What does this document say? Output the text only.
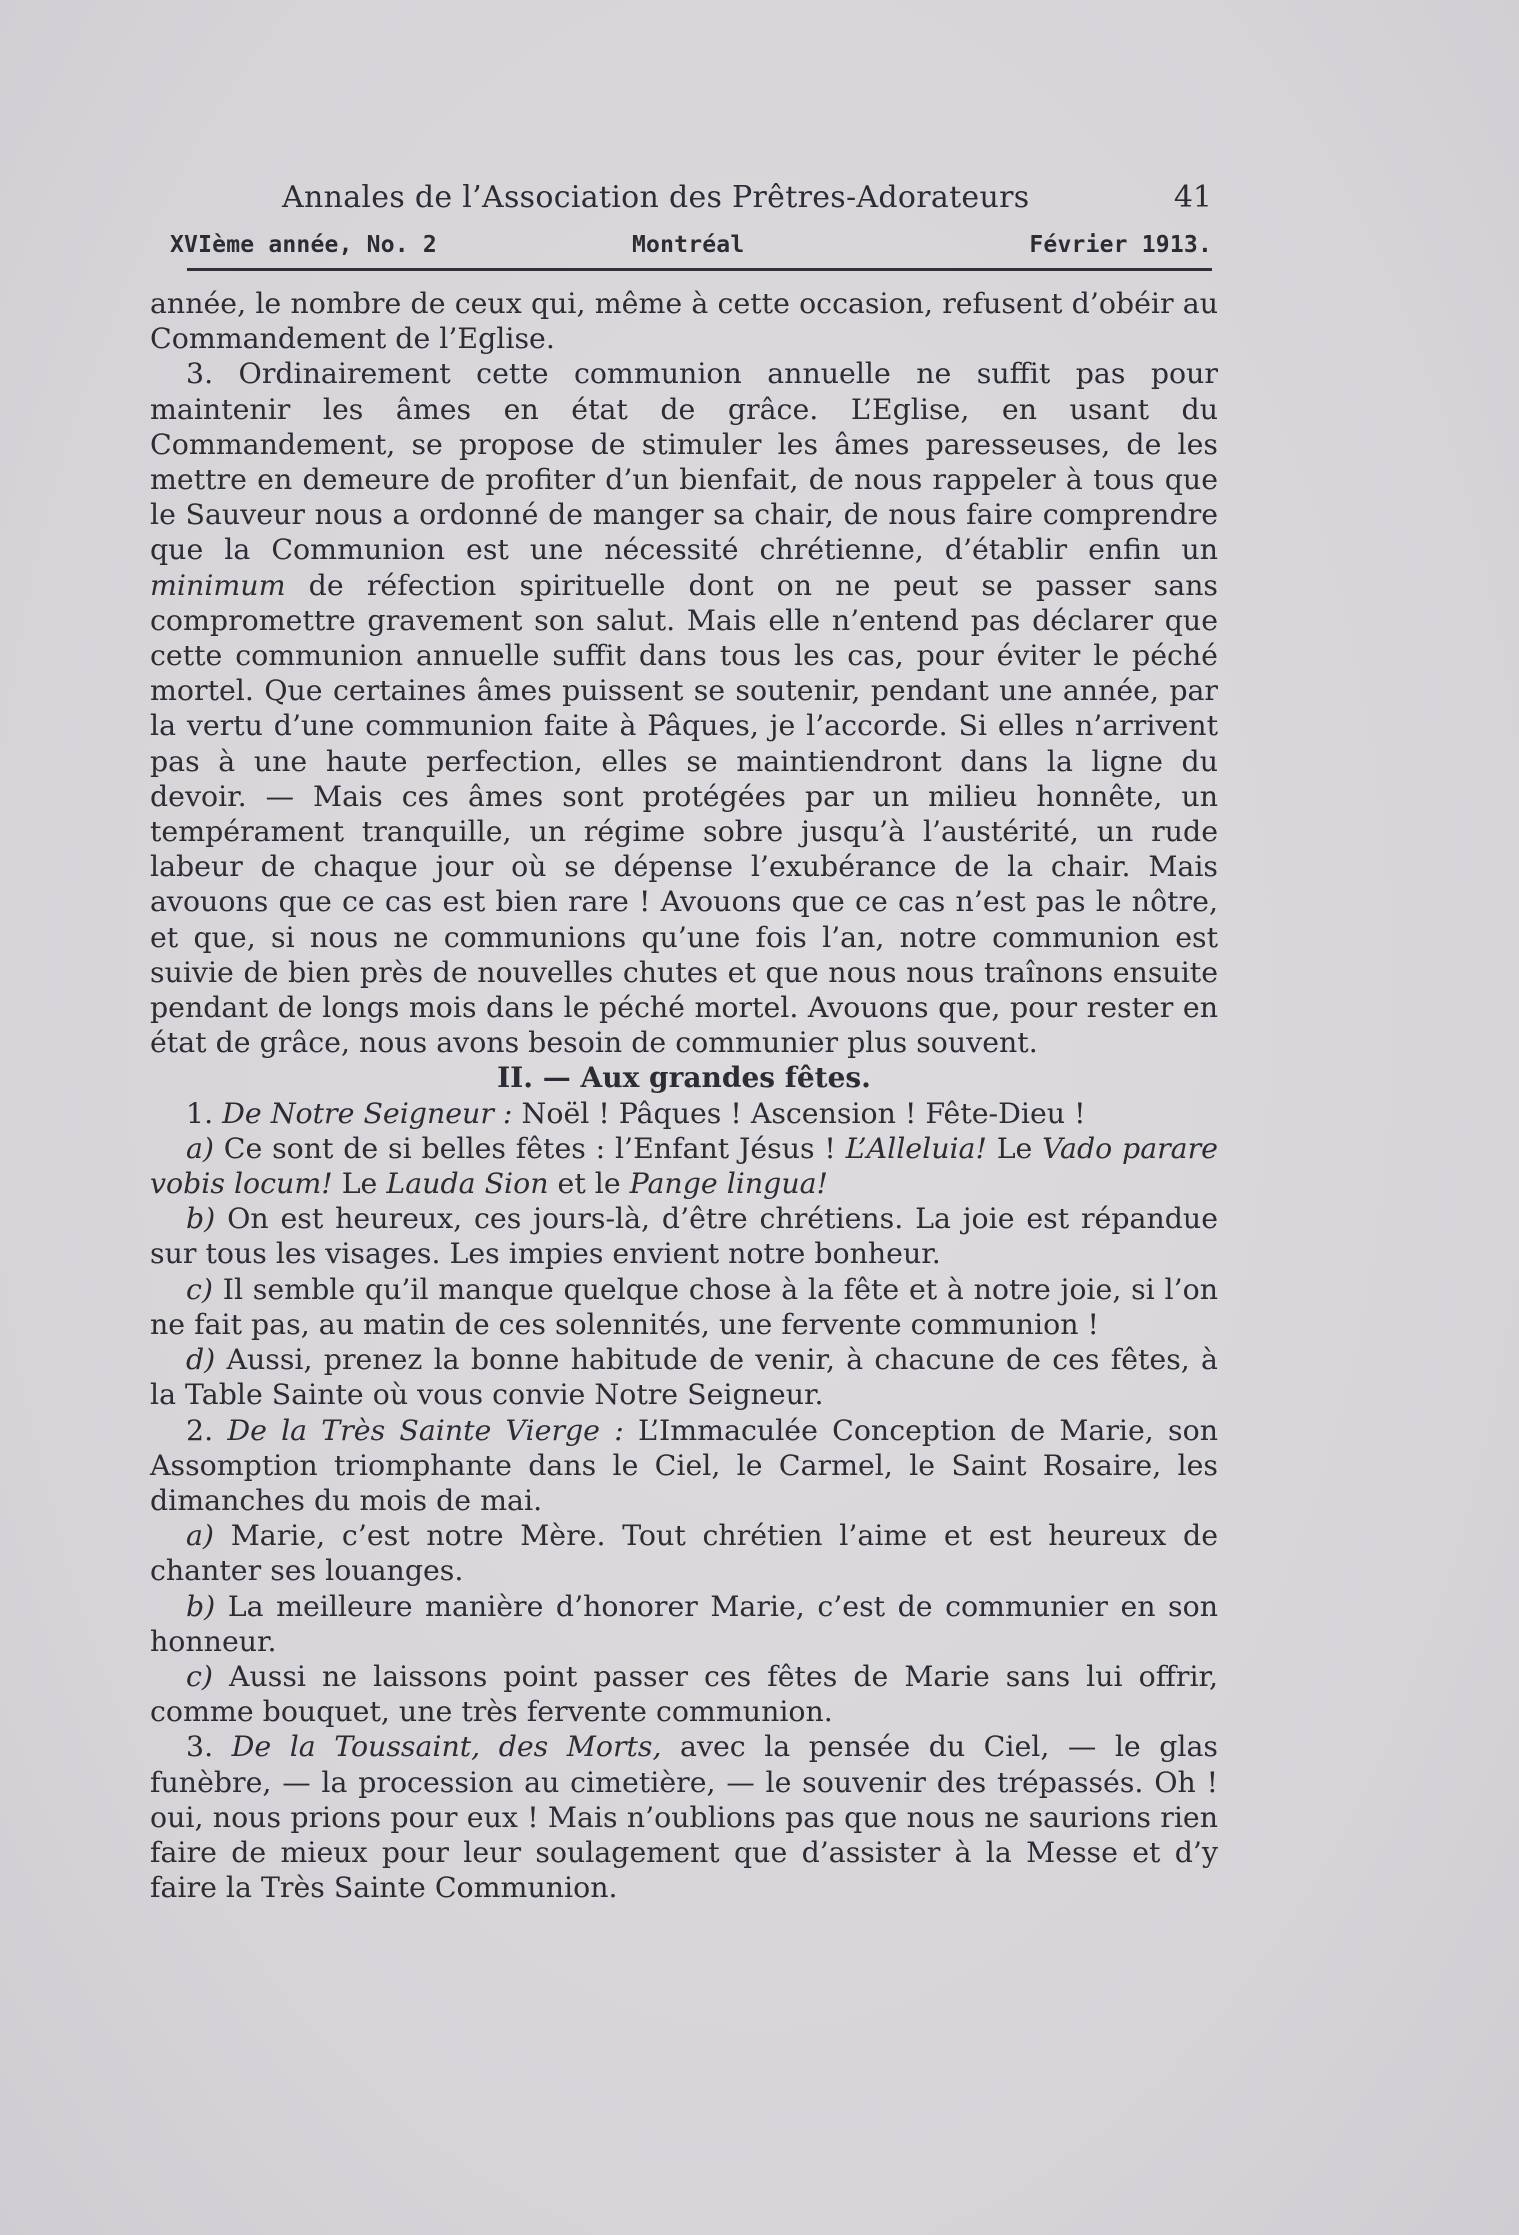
Annales de l’Association des Prêtres-Adorateurs	41
XVIème année, No. 2	Montréal	Février 1913.

année, le nombre de ceux qui, même à cette occasion, refusent d’obéir au Commandement de l’Eglise.

3. Ordinairement cette communion annuelle ne suffit pas pour maintenir les âmes en état de grâce. L’Eglise, en usant du Commandement, se propose de stimuler les âmes paresseuses, de les mettre en demeure de profiter d’un bienfait, de nous rappeler à tous que le Sauveur nous a ordonné de manger sa chair, de nous faire comprendre que la Communion est une nécessité chrétienne, d’établir enfin un minimum de réfection spirituelle dont on ne peut se passer sans compromettre gravement son salut. Mais elle n’entend pas déclarer que cette communion annuelle suffit dans tous les cas, pour éviter le péché mortel. Que certaines âmes puissent se soutenir, pendant une année, par la vertu d’une communion faite à Pâques, je l’accorde. Si elles n’arrivent pas à une haute perfection, elles se maintiendront dans la ligne du devoir. — Mais ces âmes sont protégées par un milieu honnête, un tempérament tranquille, un régime sobre jusqu’à l’austérité, un rude labeur de chaque jour où se dépense l’exubérance de la chair. Mais avouons que ce cas est bien rare ! Avouons que ce cas n’est pas le nôtre, et que, si nous ne communions qu’une fois l’an, notre communion est suivie de bien près de nouvelles chutes et que nous nous traînons ensuite pendant de longs mois dans le péché mortel. Avouons que, pour rester en état de grâce, nous avons besoin de communier plus souvent.

II. — Aux grandes fêtes.

1. De Notre Seigneur : Noël ! Pâques ! Ascension ! Fête-Dieu !

a) Ce sont de si belles fêtes : l’Enfant Jésus ! L’Alleluia! Le Vado parare vobis locum! Le Lauda Sion et le Pange lingua!

b) On est heureux, ces jours-là, d’être chrétiens. La joie est répandue sur tous les visages. Les impies envient notre bonheur.

c) Il semble qu’il manque quelque chose à la fête et à notre joie, si l’on ne fait pas, au matin de ces solennités, une fervente communion !

d) Aussi, prenez la bonne habitude de venir, à chacune de ces fêtes, à la Table Sainte où vous convie Notre Seigneur.

2. De la Très Sainte Vierge : L’Immaculée Conception de Marie, son Assomption triomphante dans le Ciel, le Carmel, le Saint Rosaire, les dimanches du mois de mai.

a) Marie, c’est notre Mère. Tout chrétien l’aime et est heureux de chanter ses louanges.

b) La meilleure manière d’honorer Marie, c’est de communier en son honneur.

c) Aussi ne laissons point passer ces fêtes de Marie sans lui offrir, comme bouquet, une très fervente communion.

3. De la Toussaint, des Morts, avec la pensée du Ciel, — le glas funèbre, — la procession au cimetière, — le souvenir des trépassés. Oh ! oui, nous prions pour eux ! Mais n’oublions pas que nous ne saurions rien faire de mieux pour leur soulagement que d’assister à la Messe et d’y faire la Très Sainte Communion.
